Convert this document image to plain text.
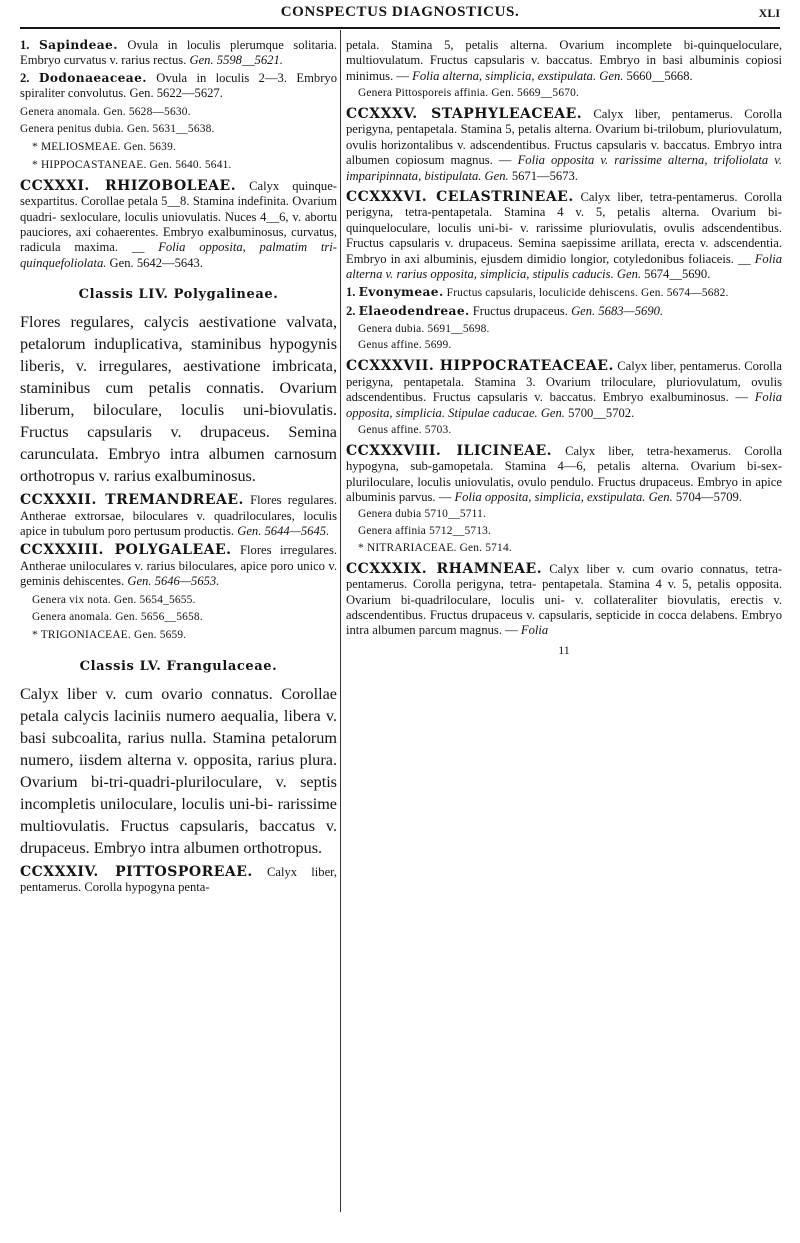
CONSPECTUS DIAGNOSTICUS.	XLI

1. Sapindeae. Ovula in loculis plerumque solitaria. Embryo curvatus v. rarius rectus. Gen. 5598__5621.

2. Dodonaeaceae. Ovula in loculis 2—3. Embryo spiraliter convolutus. Gen. 5622—5627.

Genera anomala. Gen. 5628—5630.

Genera penitus dubia. Gen. 5631__5638.

* MELIOSMEAE. Gen. 5639.

* HIPPOCASTANEAE. Gen. 5640. 5641.

CCXXXI. RHIZOBOLEAE. Calyx quinque-sexpartitus. Corollae petala 5__8. Stamina indefinita. Ovarium quadri- sexloculare, loculis uniovulatis. Nuces 4__6, v. abortu pauciores, axi cohaerentes. Embryo exalbuminosus, curvatus, radicula maxima. __ Folia opposita, palmatim tri-quinquefoliolata. Gen. 5642—5643.

Classis LIV. Polygalineae.

Flores regulares, calycis aestivatione valvata, petalorum induplicativa, staminibus hypogynis liberis, v. irregulares, aestivatione imbricata, staminibus cum petalis connatis. Ovarium liberum, biloculare, loculis uni-biovulatis. Fructus capsularis v. drupaceus. Semina carunculata. Embryo intra albumen carnosum orthotropus v. rarius exalbuminosus.

CCXXXII. TREMANDREAE. Flores regulares. Antherae extrorsae, biloculares v. quadriloculares, loculis apice in tubulum poro pertusum productis. Gen. 5644—5645.

CCXXXIII. POLYGALEAE. Flores irregulares. Antherae uniloculares v. rarius biloculares, apice poro unico v. geminis dehiscentes. Gen. 5646—5653.

Genera vix nota. Gen. 5654_5655.

Genera anomala. Gen. 5656__5658.

* TRIGONIACEAE. Gen. 5659.

Classis LV. Frangulaceae.

Calyx liber v. cum ovario connatus. Corollae petala calycis laciniis numero aequalia, libera v. basi subcoalita, rarius nulla. Stamina petalorum numero, iisdem alterna v. opposita, rarius plura. Ovarium bi-tri-quadri-pluriloculare, v. septis incompletis uniloculare, loculis uni-bi- rarissime multiovulatis. Fructus capsularis, baccatus v. drupaceus. Embryo intra albumen orthotropus.

CCXXXIV. PITTOSPOREAE. Calyx liber, pentamerus. Corolla hypogyna penta-

petala. Stamina 5, petalis alterna. Ovarium incomplete bi-quinqueloculare, multiovulatum. Fructus capsularis v. baccatus. Embryo in basi albuminis copiosi minimus. — Folia alterna, simplicia, exstipulata. Gen. 5660__5668.

Genera Pittosporeis affinia. Gen. 5669__5670.

CCXXXV. STAPHYLEACEAE. Calyx liber, pentamerus. Corolla perigyna, pentapetala. Stamina 5, petalis alterna. Ovarium bi-trilobum, pluriovulatum, ovulis horizontalibus v. adscendentibus. Fructus capsularis v. baccatus. Embryo intra albumen copiosum magnus. — Folia opposita v. rarissime alterna, trifoliolata v. imparipinnata, bistipulata. Gen. 5671—5673.

CCXXXVI. CELASTRINEAE. Calyx liber, tetra-pentamerus. Corolla perigyna, tetra-pentapetala. Stamina 4 v. 5, petalis alterna. Ovarium bi-quinqueloculare, loculis uni-bi- v. rarissime pluriovulatis, ovulis adscendentibus. Fructus capsularis v. drupaceus. Semina saepissime arillata, erecta v. adscendentia. Embryo in axi albuminis, ejusdem dimidio longior, cotyledonibus foliaceis. __ Folia alterna v. rarius opposita, simplicia, stipulis caducis. Gen. 5674__5690.

1. Evonymeae. Fructus capsularis, loculicide dehiscens. Gen. 5674—5682.

2. Elaeodendreae. Fructus drupaceus. Gen. 5683—5690.

Genera dubia. 5691__5698.

Genus affine. 5699.

CCXXXVII. HIPPOCRATEACEAE. Calyx liber, pentamerus. Corolla perigyna, pentapetala. Stamina 3. Ovarium triloculare, pluriovulatum, ovulis adscendentibus. Fructus capsularis v. baccatus. Embryo exalbuminosus. — Folia opposita, simplicia. Stipulae caducae. Gen. 5700__5702.

Genus affine. 5703.

CCXXXVIII. ILICINEAE. Calyx liber, tetra-hexamerus. Corolla hypogyna, sub-gamopetala. Stamina 4—6, petalis alterna. Ovarium bi-sex-pluriloculare, loculis uniovulatis, ovulo pendulo. Fructus drupaceus. Embryo in apice albuminis parvus. — Folia opposita, simplicia, exstipulata. Gen. 5704—5709.

Genera dubia 5710__5711.

Genera affinia 5712__5713.

* NITRARIACEAE. Gen. 5714.

CCXXXIX. RHAMNEAE. Calyx liber v. cum ovario connatus, tetra-pentamerus. Corolla perigyna, tetra- pentapetala. Stamina 4 v. 5, petalis opposita. Ovarium bi-quadriloculare, loculis uni- v. collateraliter biovulatis, erectis v. adscendentibus. Fructus drupaceus v. capsularis, septicide in cocca delabens. Embryo intra albumen parcum magnus. — Folia

11
